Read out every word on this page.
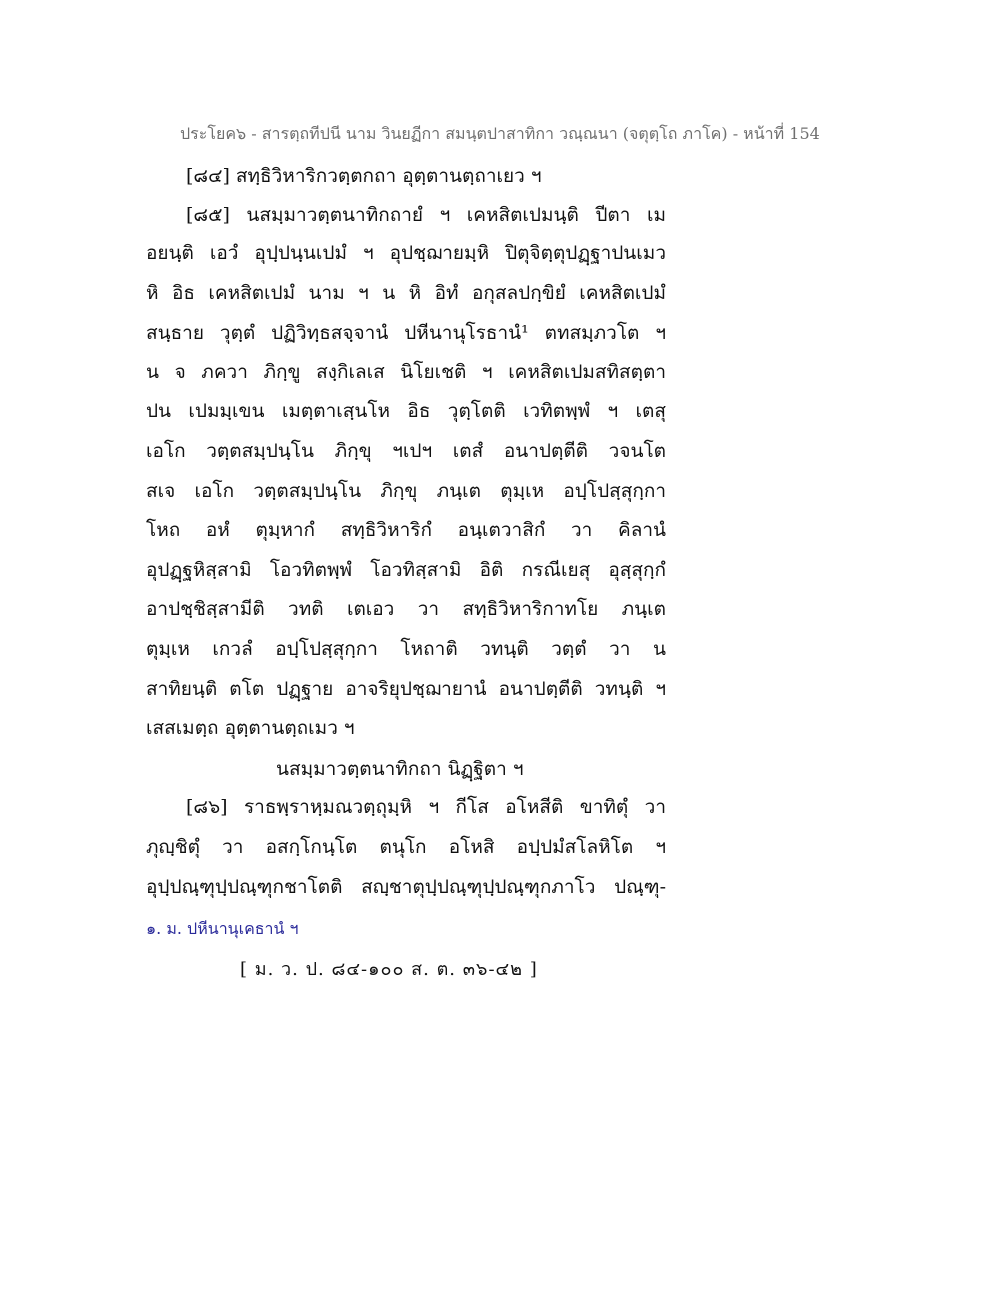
ประโยค๖ - สารตฺถทีปนี นาม วินยฏีกา สมนฺตปาสาทิกา วณฺณนา (จตุตฺโถ ภาโค) - หน้าที่ 154
[๘๔] สทฺธิวิหาริกวตฺตกถา อุตฺตานตฺถาเยว ฯ
[๘๕] นสมฺมาวตฺตนาทิกถายํ ฯ เคหสิตเปมนฺติ ปีตา เม
อยนฺติ เอวํ อุปฺปนฺนเปมํ ฯ อุปชฺฌายมฺหิ ปิตุจิตฺตุปฏฺฐาปนเมว
หิ อิธ เคหสิตเปมํ นาม ฯ น หิ อิทํ อกุสลปกฺขิยํ เคหสิตเปมํ
สนฺธาย วุตฺตํ ปฏิวิทฺธสจฺจานํ ปหีนานุโรธานํ¹ ตทสมฺภวโต ฯ
น จ ภควา ภิกฺขู สงฺกิเลเส นิโยเชติ ฯ เคหสิตเปมสทิสตฺตา
ปน เปมมฺเขน เมตฺตาเสฺนโห อิธ วุตฺโตติ เวทิตพฺพํ ฯ เตสุ
เอโก วตฺตสมฺปนฺโน ภิกฺขุ ฯเปฯ เตสํ อนาปตฺตีติ วจนโต
สเจ เอโก วตฺตสมฺปนฺโน ภิกฺขุ ภนฺเต ตุมฺเห อปฺโปสฺสุกฺกา
โหถ อหํ ตุมฺหากํ สทฺธิวิหาริกํ อนฺเตวาสิกํ วา คิลานํ
อุปฏฺฐหิสฺสามิ โอวทิตพฺพํ โอวทิสฺสามิ อิติ กรณีเยสุ อุสฺสุกฺกํ
อาปชฺชิสฺสามีติ วทติ เตเอว วา สทฺธิวิหาริกาทโย ภนฺเต
ตุมฺเห เกวลํ อปฺโปสฺสุกฺกา โหถาติ วทนฺติ วตฺตํ วา น
สาทิยนฺติ ตโต ปฏฺฐาย อาจริยุปชฺฌายานํ อนาปตฺตีติ วทนฺติ ฯ
เสสเมตฺถ อุตฺตานตฺถเมว ฯ
นสมฺมาวตฺตนาทิกถา นิฏฺฐิตา ฯ
[๘๖] ราธพฺราหฺมณวตฺถุมฺหิ ฯ กีโส อโหสีติ ขาทิตุํ วา
ภุญฺชิตุํ วา อสกฺโกนฺโต ตนุโก อโหสิ อปฺปมํสโลหิโต ฯ
อุปฺปณฺฑุปฺปณฺฑุกชาโตติ สญฺชาตุปฺปณฺฑุปฺปณฺฑุกภาโว ปณฺฑุ-
๑. ม. ปหีนานุเคธานํ ฯ
[ ม. ว. ป. ๘๔-๑๐๐ ส. ต. ๓๖-๔๒ ]
